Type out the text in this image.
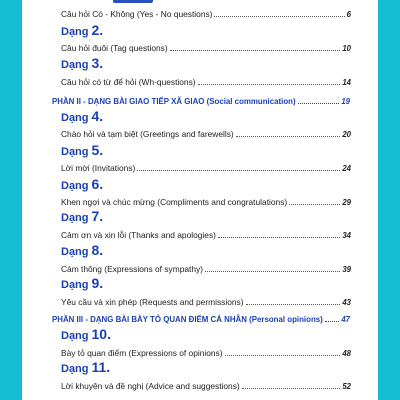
Câu hỏi Có - Không (Yes - No questions)	6
Dạng 2.
Câu hỏi đuôi (Tag questions)	10
Dạng 3.
Câu hỏi có từ để hỏi (Wh-questions)	14
PHẦN II - DẠNG BÀI GIAO TIẾP XÃ GIAO (Social communication)	19
Dạng 4.
Chào hỏi và tạm biệt (Greetings and farewells)	20
Dạng 5.
Lời mời (Invitations)	24
Dạng 6.
Khen ngợi và chúc mừng (Compliments and congratulations)	29
Dạng 7.
Cảm ơn và xin lỗi (Thanks and apologies)	34
Dạng 8.
Cảm thông (Expressions of sympathy)	39
Dạng 9.
Yêu cầu và xin phép (Requests and permissions)	43
PHẦN III - DẠNG BÀI BÀY TỎ QUAN ĐIỂM CÁ NHÂN (Personal opinions) 47
Dạng 10.
Bày tỏ quan điểm (Expressions of opinions)	48
Dạng 11.
Lời khuyên và đề nghị (Advice and suggestions)	52
